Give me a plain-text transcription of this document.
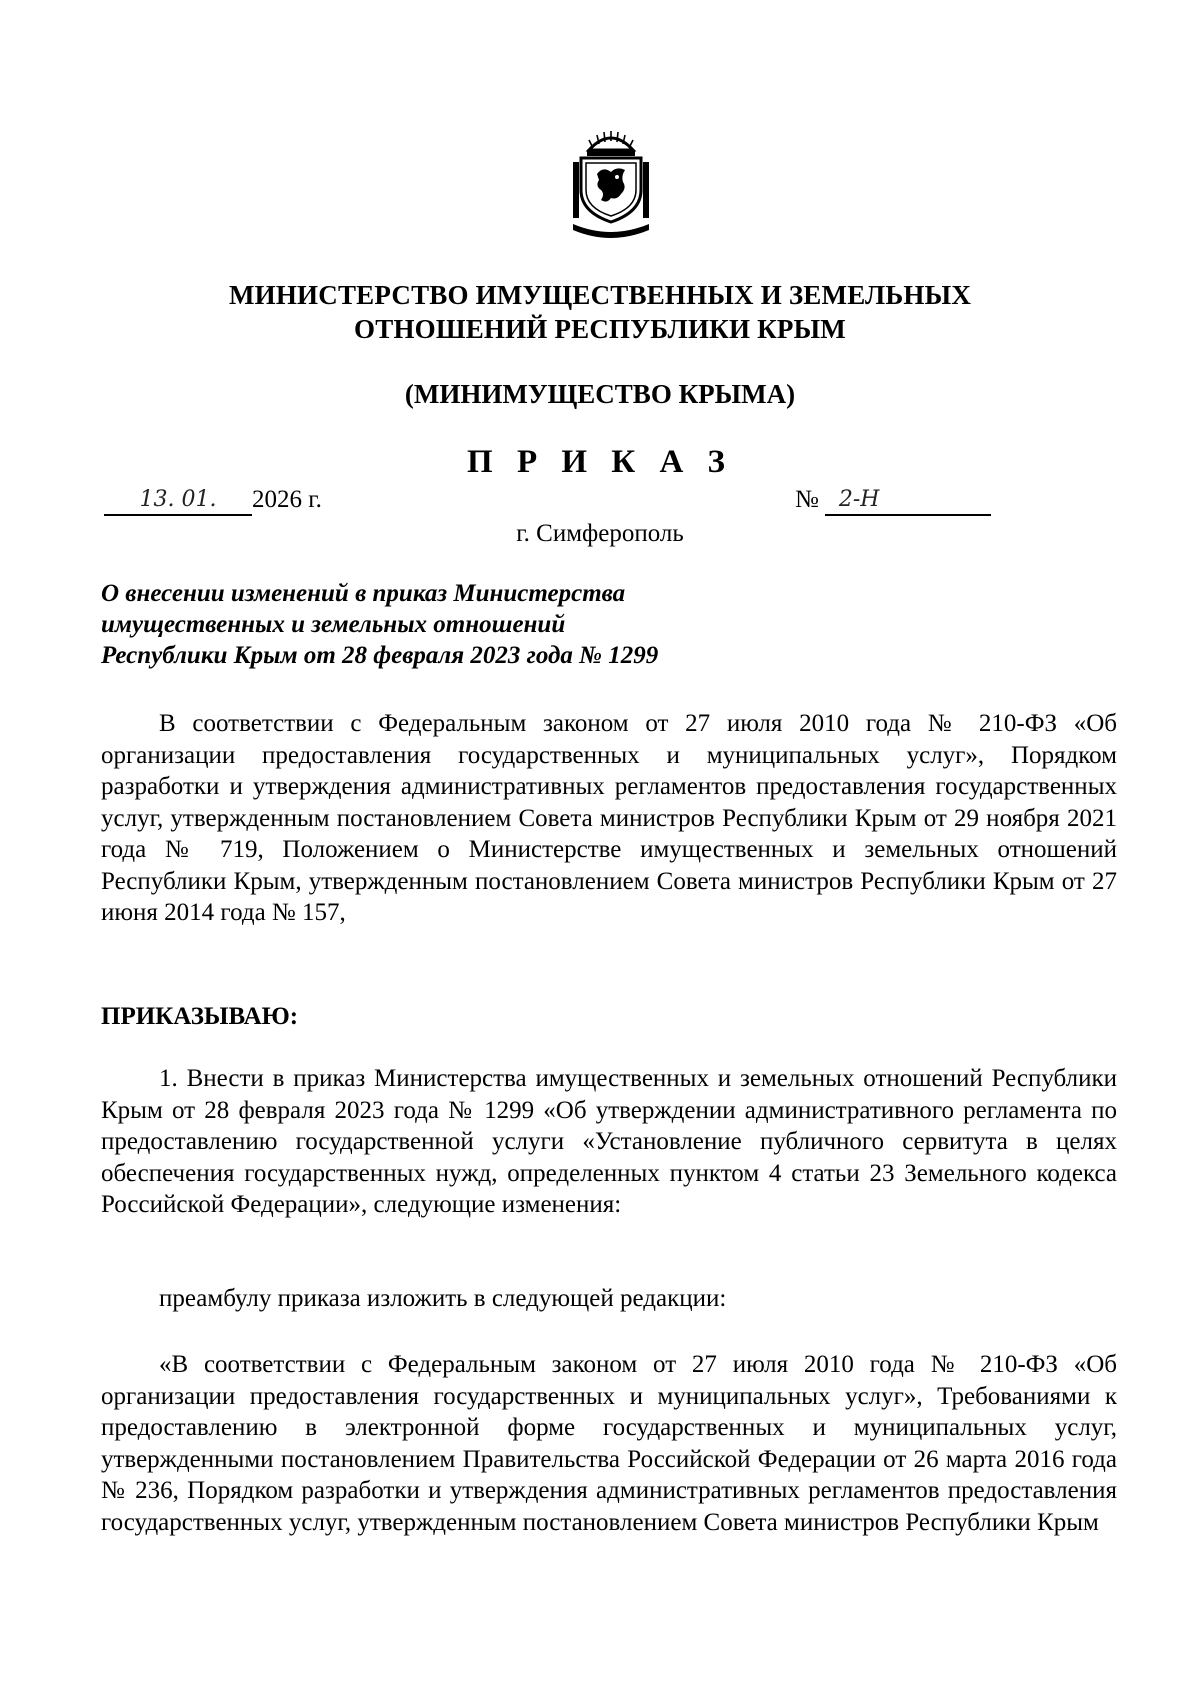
МИНИСТЕРСТВО ИМУЩЕСТВЕННЫХ И ЗЕМЕЛЬНЫХ
ОТНОШЕНИЙ РЕСПУБЛИКИ КРЫМ
(МИНИМУЩЕСТВО КРЫМА)
П Р И К А З
13. 01. 2026 г.	№ 2-Н
г. Симферополь
О внесении изменений в приказ Министерства
имущественных и земельных отношений
Республики Крым от 28 февраля 2023 года № 1299
В соответствии с Федеральным законом от 27 июля 2010 года № 210-ФЗ «Об организации предоставления государственных и муниципальных услуг», Порядком разработки и утверждения административных регламентов предоставления государственных услуг, утвержденным постановлением Совета министров Республики Крым от 29 ноября 2021 года № 719, Положением о Министерстве имущественных и земельных отношений Республики Крым, утвержденным постановлением Совета министров Республики Крым от 27 июня 2014 года № 157,
ПРИКАЗЫВАЮ:
1. Внести в приказ Министерства имущественных и земельных отношений Республики Крым от 28 февраля 2023 года № 1299 «Об утверждении административного регламента по предоставлению государственной услуги «Установление публичного сервитута в целях обеспечения государственных нужд, определенных пунктом 4 статьи 23 Земельного кодекса Российской Федерации», следующие изменения:
преамбулу приказа изложить в следующей редакции:
«В соответствии с Федеральным законом от 27 июля 2010 года № 210-ФЗ «Об организации предоставления государственных и муниципальных услуг», Требованиями к предоставлению в электронной форме государственных и муниципальных услуг, утвержденными постановлением Правительства Российской Федерации от 26 марта 2016 года № 236, Порядком разработки и утверждения административных регламентов предоставления государственных услуг, утвержденным постановлением Совета министров Республики Крым
